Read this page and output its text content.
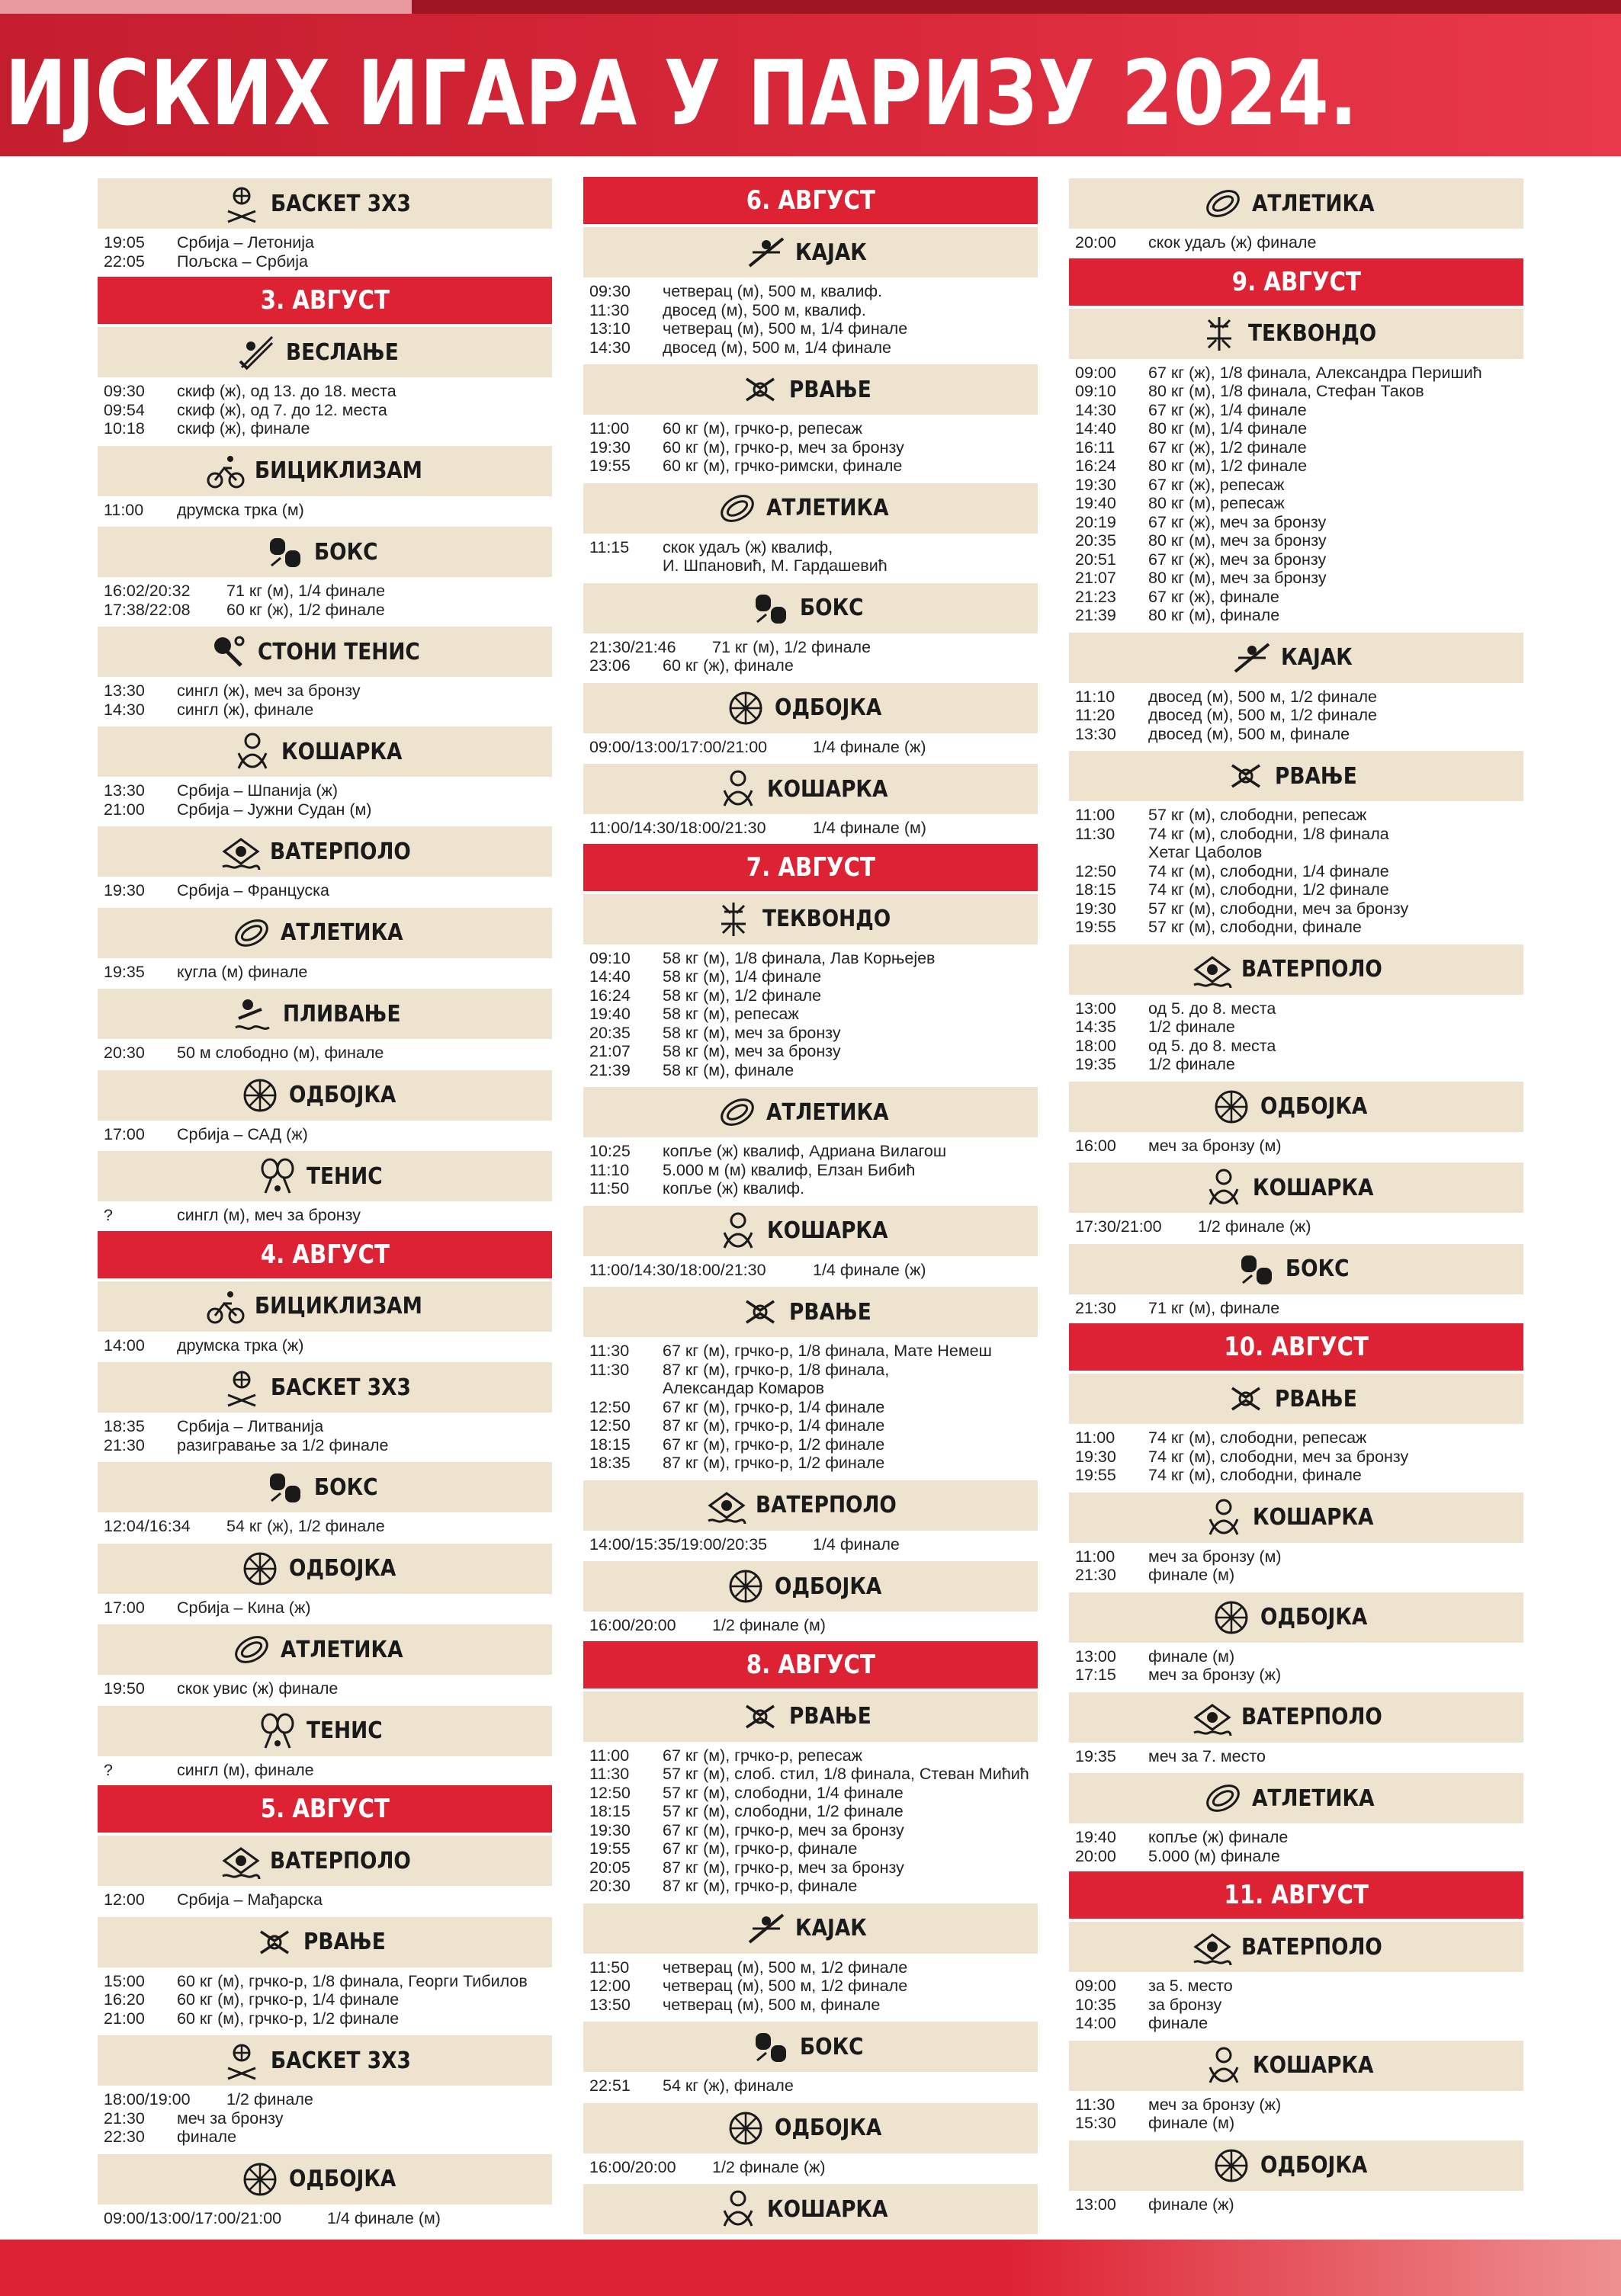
ИЈСКИХ ИГАРА У ПАРИЗУ 2024.
БАСКЕТ 3Х3
19:05	Србија – Летонија
22:05	Пољска – Србија
3. АВГУСТ
ВЕСЛАЊЕ
09:30	скиф (ж), од 13. до 18. места
09:54	скиф (ж), од 7. до 12. места
10:18	скиф (ж), финале
БИЦИКЛИЗАМ
11:00	друмска трка (м)
БОКС
16:02/20:32	71 кг (м), 1/4 финале
17:38/22:08	60 кг (ж), 1/2 финале
СТОНИ ТЕНИС
13:30	сингл (ж), меч за бронзу
14:30	сингл (ж), финале
КОШАРКА
13:30	Србија – Шпанија (ж)
21:00	Србија – Јужни Судан (м)
ВАТЕРПОЛО
19:30	Србија – Француска
АТЛЕТИКА
19:35	кугла (м) финале
ПЛИВАЊЕ
20:30	50 м слободно (м), финале
ОДБОЈКА
17:00	Србија – САД (ж)
ТЕНИС
?	сингл (м), меч за бронзу
4. АВГУСТ
БИЦИКЛИЗАМ
14:00	друмска трка (ж)
БАСКЕТ 3Х3
18:35	Србија – Литванија
21:30	разигравање за 1/2 финале
БОКС
12:04/16:34	54 кг (ж), 1/2 финале
ОДБОЈКА
17:00	Србија – Кина (ж)
АТЛЕТИКА
19:50	скок увис (ж) финале
ТЕНИС
?	сингл (м), финале
5. АВГУСТ
ВАТЕРПОЛО
12:00	Србија – Мађарска
РВАЊЕ
15:00	60 кг (м), грчко-р, 1/8 финала, Георги Тибилов
16:20	60 кг (м), грчко-р, 1/4 финале
21:00	60 кг (м), грчко-р, 1/2 финале
БАСКЕТ 3Х3
18:00/19:00	1/2 финале
21:30	меч за бронзу
22:30	финале
ОДБОЈКА
09:00/13:00/17:00/21:00	1/4 финале (м)
6. АВГУСТ
КАЈАК
09:30	четверац (м), 500 м, квалиф.
11:30	двосед (м), 500 м, квалиф.
13:10	четверац (м), 500 м, 1/4 финале
14:30	двосед (м), 500 м, 1/4 финале
РВАЊЕ
11:00	60 кг (м), грчко-р, репесаж
19:30	60 кг (м), грчко-р, меч за бронзу
19:55	60 кг (м), грчко-римски, финале
АТЛЕТИКА
11:15	скок удаљ (ж) квалиф,
И. Шпановић, М. Гардашевић
БОКС
21:30/21:46	71 кг (м), 1/2 финале
23:06	60 кг (ж), финале
ОДБОЈКА
09:00/13:00/17:00/21:00	1/4 финале (ж)
КОШАРКА
11:00/14:30/18:00/21:30	1/4 финале (м)
7. АВГУСТ
ТЕКВОНДО
09:10	58 кг (м), 1/8 финала, Лав Корњејев
14:40	58 кг (м), 1/4 финале
16:24	58 кг (м), 1/2 финале
19:40	58 кг (м), репесаж
20:35	58 кг (м), меч за бронзу
21:07	58 кг (м), меч за бронзу
21:39	58 кг (м), финале
АТЛЕТИКА
10:25	копље (ж) квалиф, Адриана Вилагош
11:10	5.000 м (м) квалиф, Елзан Бибић
11:50	копље (ж) квалиф.
КОШАРКА
11:00/14:30/18:00/21:30	1/4 финале (ж)
РВАЊЕ
11:30	67 кг (м), грчко-р, 1/8 финала, Мате Немеш
11:30	87 кг (м), грчко-р, 1/8 финала,
Александар Комаров
12:50	67 кг (м), грчко-р, 1/4 финале
12:50	87 кг (м), грчко-р, 1/4 финале
18:15	67 кг (м), грчко-р, 1/2 финале
18:35	87 кг (м), грчко-р, 1/2 финале
ВАТЕРПОЛО
14:00/15:35/19:00/20:35	1/4 финале
ОДБОЈКА
16:00/20:00	1/2 финале (м)
8. АВГУСТ
РВАЊЕ
11:00	67 кг (м), грчко-р, репесаж
11:30	57 кг (м), слоб. стил, 1/8 финала, Стеван Мићић
12:50	57 кг (м), слободни, 1/4 финале
18:15	57 кг (м), слободни, 1/2 финале
19:30	67 кг (м), грчко-р, меч за бронзу
19:55	67 кг (м), грчко-р, финале
20:05	87 кг (м), грчко-р, меч за бронзу
20:30	87 кг (м), грчко-р, финале
КАЈАК
11:50	четверац (м), 500 м, 1/2 финале
12:00	четверац (м), 500 м, 1/2 финале
13:50	четверац (м), 500 м, финале
БОКС
22:51	54 кг (ж), финале
ОДБОЈКА
16:00/20:00	1/2 финале (ж)
КОШАРКА
АТЛЕТИКА
20:00	скок удаљ (ж) финале
9. АВГУСТ
ТЕКВОНДО
09:00	67 кг (ж), 1/8 финала, Александра Перишић
09:10	80 кг (м), 1/8 финала, Стефан Таков
14:30	67 кг (ж), 1/4 финале
14:40	80 кг (м), 1/4 финале
16:11	67 кг (ж), 1/2 финале
16:24	80 кг (м), 1/2 финале
19:30	67 кг (ж), репесаж
19:40	80 кг (м), репесаж
20:19	67 кг (ж), меч за бронзу
20:35	80 кг (м), меч за бронзу
20:51	67 кг (ж), меч за бронзу
21:07	80 кг (м), меч за бронзу
21:23	67 кг (ж), финале
21:39	80 кг (м), финале
КАЈАК
11:10	двосед (м), 500 м, 1/2 финале
11:20	двосед (м), 500 м, 1/2 финале
13:30	двосед (м), 500 м, финале
РВАЊЕ
11:00	57 кг (м), слободни, репесаж
11:30	74 кг (м), слободни, 1/8 финала
Хетаг Цаболов
12:50	74 кг (м), слободни, 1/4 финале
18:15	74 кг (м), слободни, 1/2 финале
19:30	57 кг (м), слободни, меч за бронзу
19:55	57 кг (м), слободни, финале
ВАТЕРПОЛО
13:00	од 5. до 8. места
14:35	1/2 финале
18:00	од 5. до 8. места
19:35	1/2 финале
ОДБОЈКА
16:00	меч за бронзу (м)
КОШАРКА
17:30/21:00	1/2 финале (ж)
БОКС
21:30	71 кг (м), финале
10. АВГУСТ
РВАЊЕ
11:00	74 кг (м), слободни, репесаж
19:30	74 кг (м), слободни, меч за бронзу
19:55	74 кг (м), слободни, финале
КОШАРКА
11:00	меч за бронзу (м)
21:30	финале (м)
ОДБОЈКА
13:00	финале (м)
17:15	меч за бронзу (ж)
ВАТЕРПОЛО
19:35	меч за 7. место
АТЛЕТИКА
19:40	копље (ж) финале
20:00	5.000 (м) финале
11. АВГУСТ
ВАТЕРПОЛО
09:00	за 5. место
10:35	за бронзу
14:00	финале
КОШАРКА
11:30	меч за бронзу (ж)
15:30	финале (м)
ОДБОЈКА
13:00	финале (ж)
